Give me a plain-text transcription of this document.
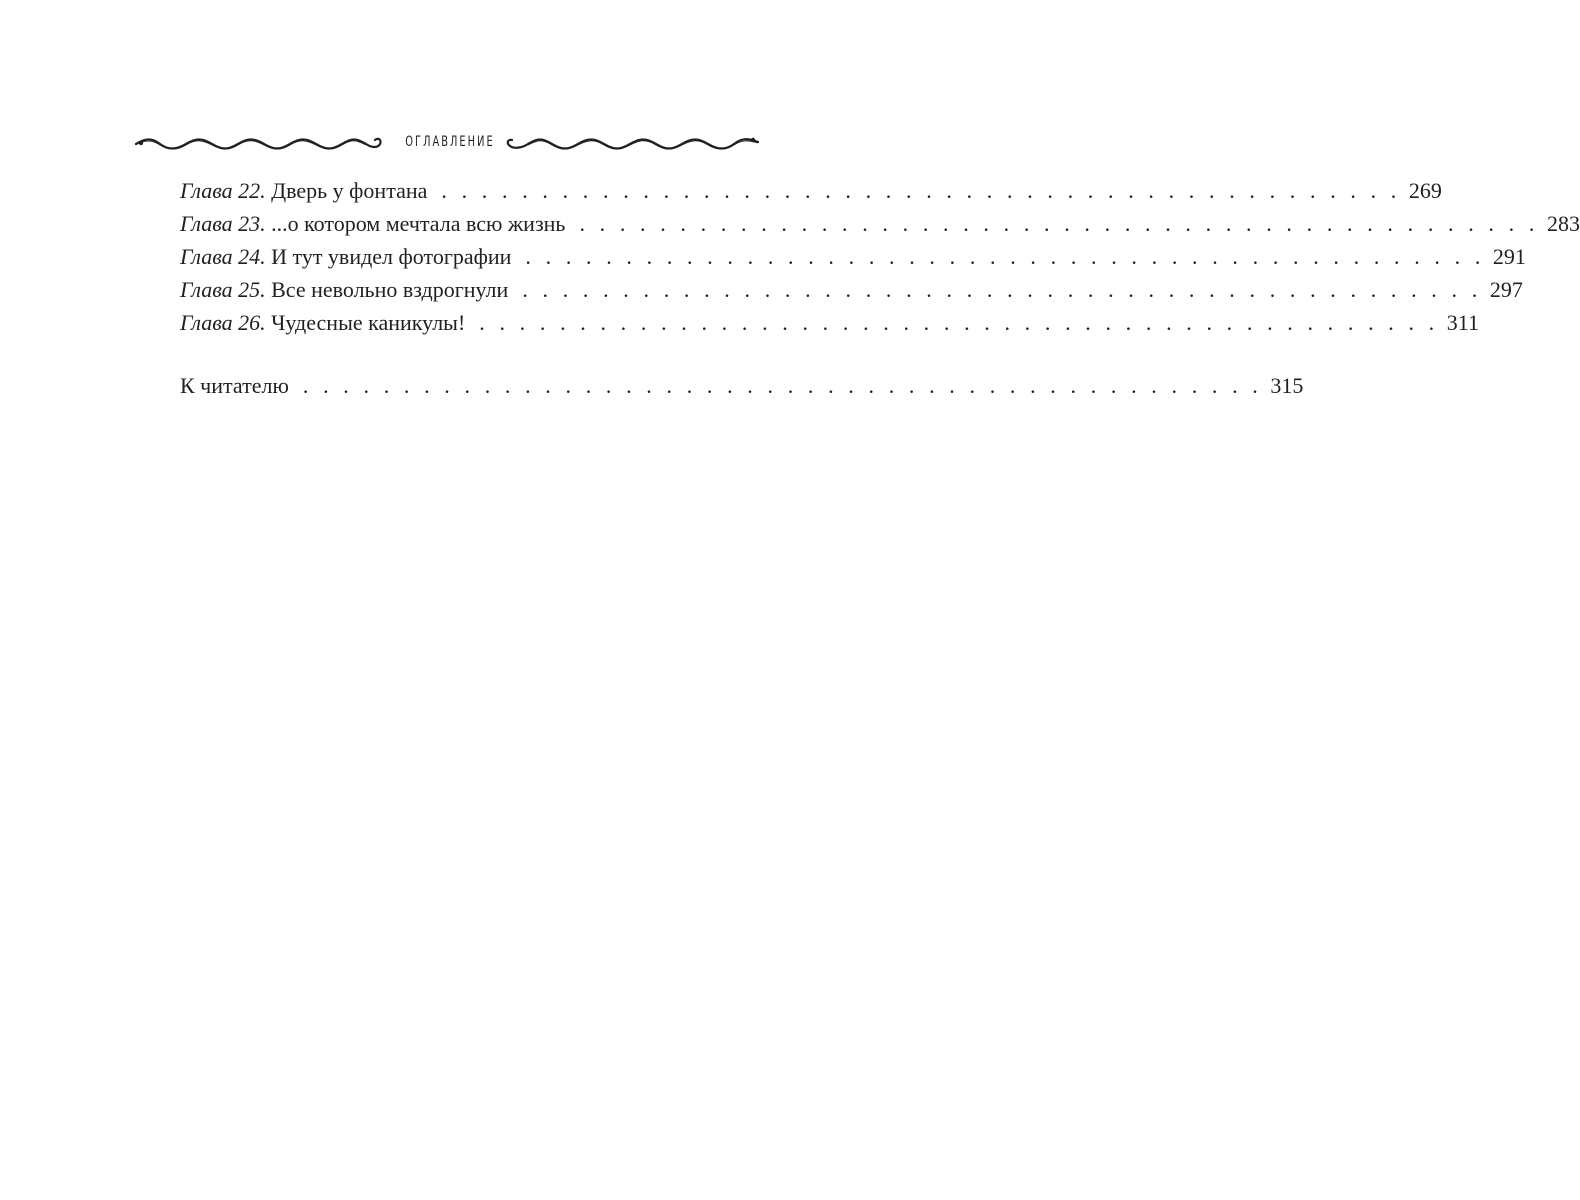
ОГЛАВЛЕНИЕ
Глава 22. Дверь у фонтана . . . . . . . . . . . . . . . . . . . . . . . . . . . . . . . . . . . . . . . . . . . . . . . . 269
Глава 23. ...о котором мечтала всю жизнь . . . . . . . . . . . . . . . . . . . . . . . . . . . . . . . . . . . . . . . . . . . . . . . . 283
Глава 24. И тут увидел фотографии . . . . . . . . . . . . . . . . . . . . . . . . . . . . . . . . . . . . . . . . . . . . . . . . 291
Глава 25. Все невольно вздрогнули . . . . . . . . . . . . . . . . . . . . . . . . . . . . . . . . . . . . . . . . . . . . . . . . 297
Глава 26. Чудесные каникулы! . . . . . . . . . . . . . . . . . . . . . . . . . . . . . . . . . . . . . . . . . . . . . . . . 311
К читателю . . . . . . . . . . . . . . . . . . . . . . . . . . . . . . . . . . . . . . . . . . . . . . . . 315
